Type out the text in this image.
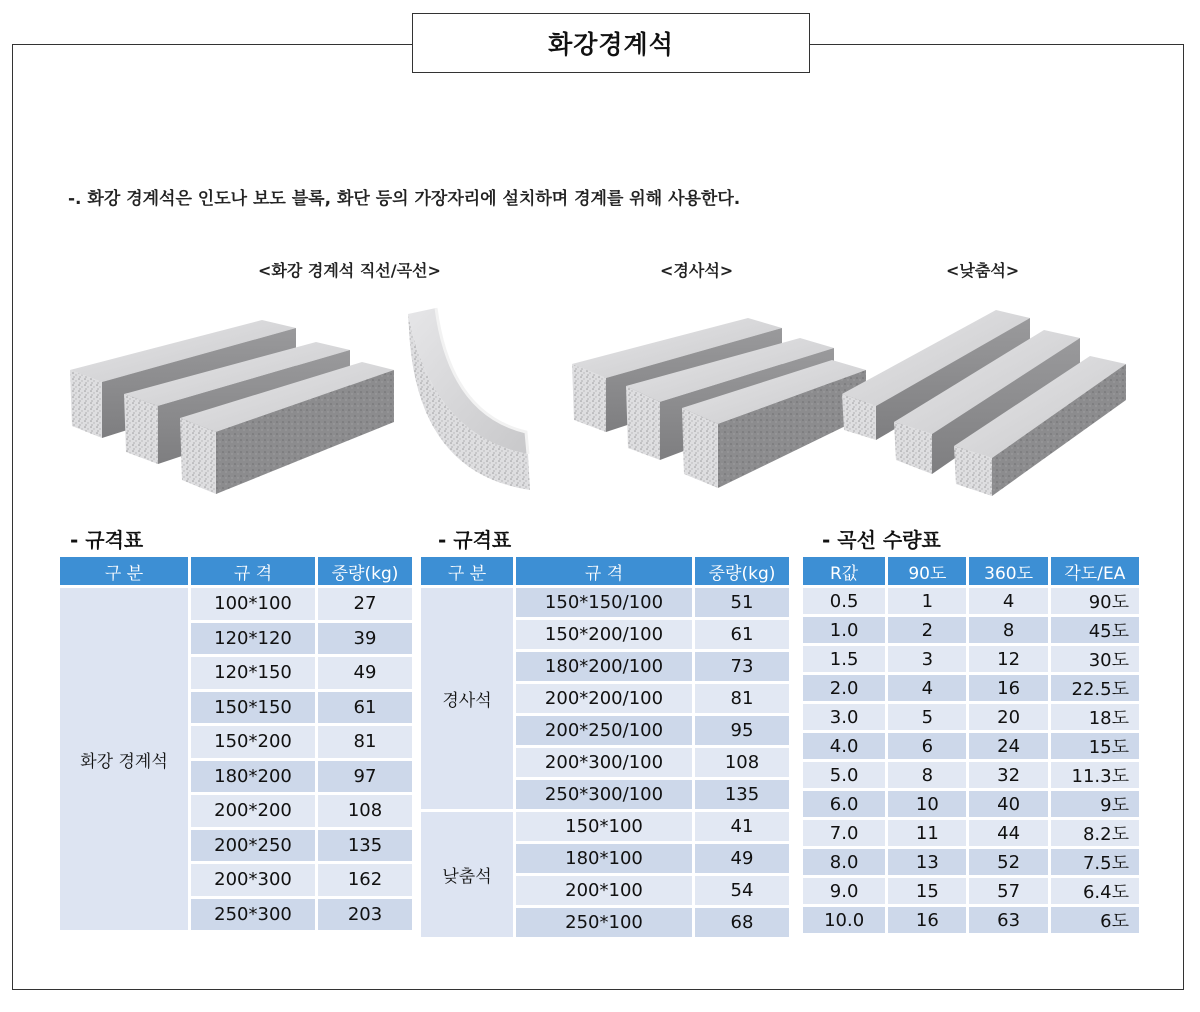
화강경계석
-. 화강 경계석은 인도나 보도 블록, 화단 등의 가장자리에 설치하며 경계를 위해 사용한다.
<화강 경계석 직선/곡선>	<경사석>	<낮춤석>
- 규격표	- 규격표	- 곡선 수량표
구 분	규 격	중량(kg)
화강 경계석	100*100	27
	120*120	39
	120*150	49
	150*150	61
	150*200	81
	180*200	97
	200*200	108
	200*250	135
	200*300	162
	250*300	203
구 분	규 격	중량(kg)
경사석	150*150/100	51
	150*200/100	61
	180*200/100	73
	200*200/100	81
	200*250/100	95
	200*300/100	108
	250*300/100	135
낮춤석	150*100	41
	180*100	49
	200*100	54
	250*100	68
R값	90도	360도	각도/EA
0.5	1	4	90도
1.0	2	8	45도
1.5	3	12	30도
2.0	4	16	22.5도
3.0	5	20	18도
4.0	6	24	15도
5.0	8	32	11.3도
6.0	10	40	9도
7.0	11	44	8.2도
8.0	13	52	7.5도
9.0	15	57	6.4도
10.0	16	63	6도
